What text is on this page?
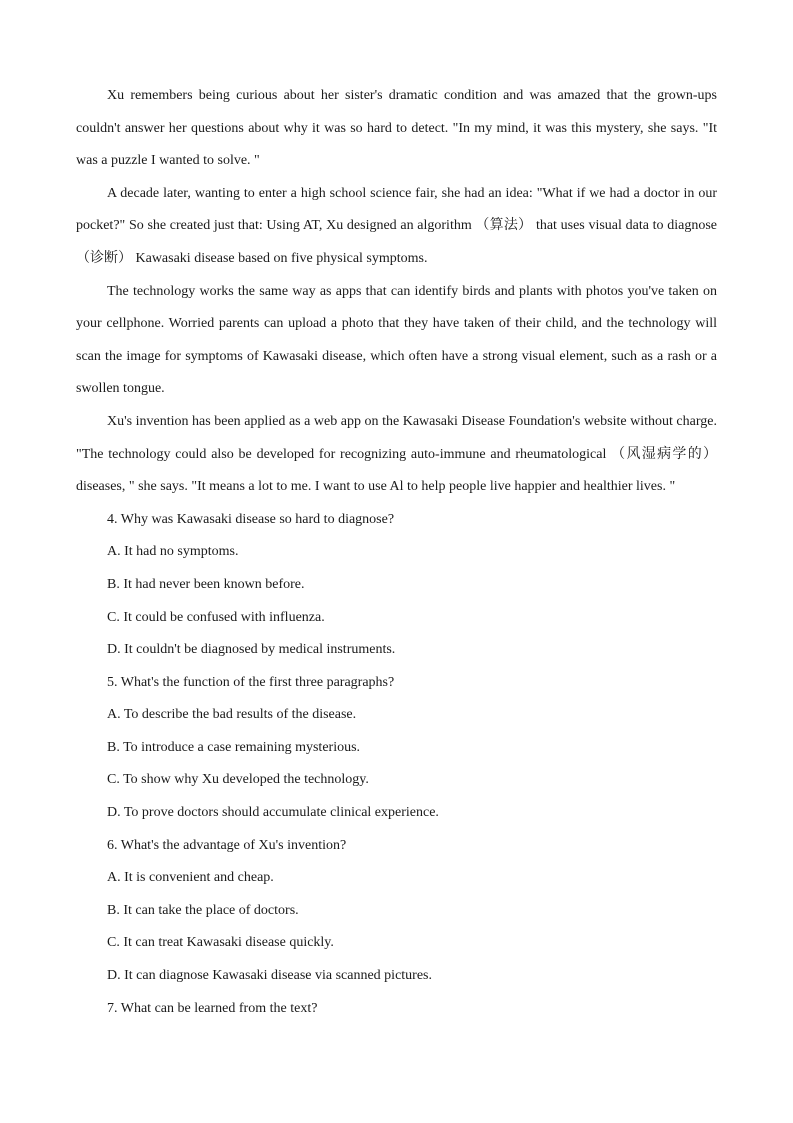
Xu remembers being curious about her sister's dramatic condition and was amazed that the grown-ups couldn't answer her questions about why it was so hard to detect. "In my mind, it was this mystery, she says. "It was a puzzle I wanted to solve. "

A decade later, wanting to enter a high school science fair, she had an idea: "What if we had a doctor in our pocket?" So she created just that: Using AT, Xu designed an algorithm （算法） that uses visual data to diagnose （诊断） Kawasaki disease based on five physical symptoms.

The technology works the same way as apps that can identify birds and plants with photos you've taken on your cellphone. Worried parents can upload a photo that they have taken of their child, and the technology will scan the image for symptoms of Kawasaki disease, which often have a strong visual element, such as a rash or a swollen tongue.

Xu's invention has been applied as a web app on the Kawasaki Disease Foundation's website without charge. "The technology could also be developed for recognizing auto-immune and rheumatological （风湿病学的） diseases, " she says. "It means a lot to me. I want to use Al to help people live happier and healthier lives. "

4. Why was Kawasaki disease so hard to diagnose?

A. It had no symptoms.

B. It had never been known before.

C. It could be confused with influenza.

D. It couldn't be diagnosed by medical instruments.

5. What's the function of the first three paragraphs?

A. To describe the bad results of the disease.

B. To introduce a case remaining mysterious.

C. To show why Xu developed the technology.

D. To prove doctors should accumulate clinical experience.

6. What's the advantage of Xu's invention?

A. It is convenient and cheap.

B. It can take the place of doctors.

C. It can treat Kawasaki disease quickly.

D. It can diagnose Kawasaki disease via scanned pictures.

7. What can be learned from the text?
